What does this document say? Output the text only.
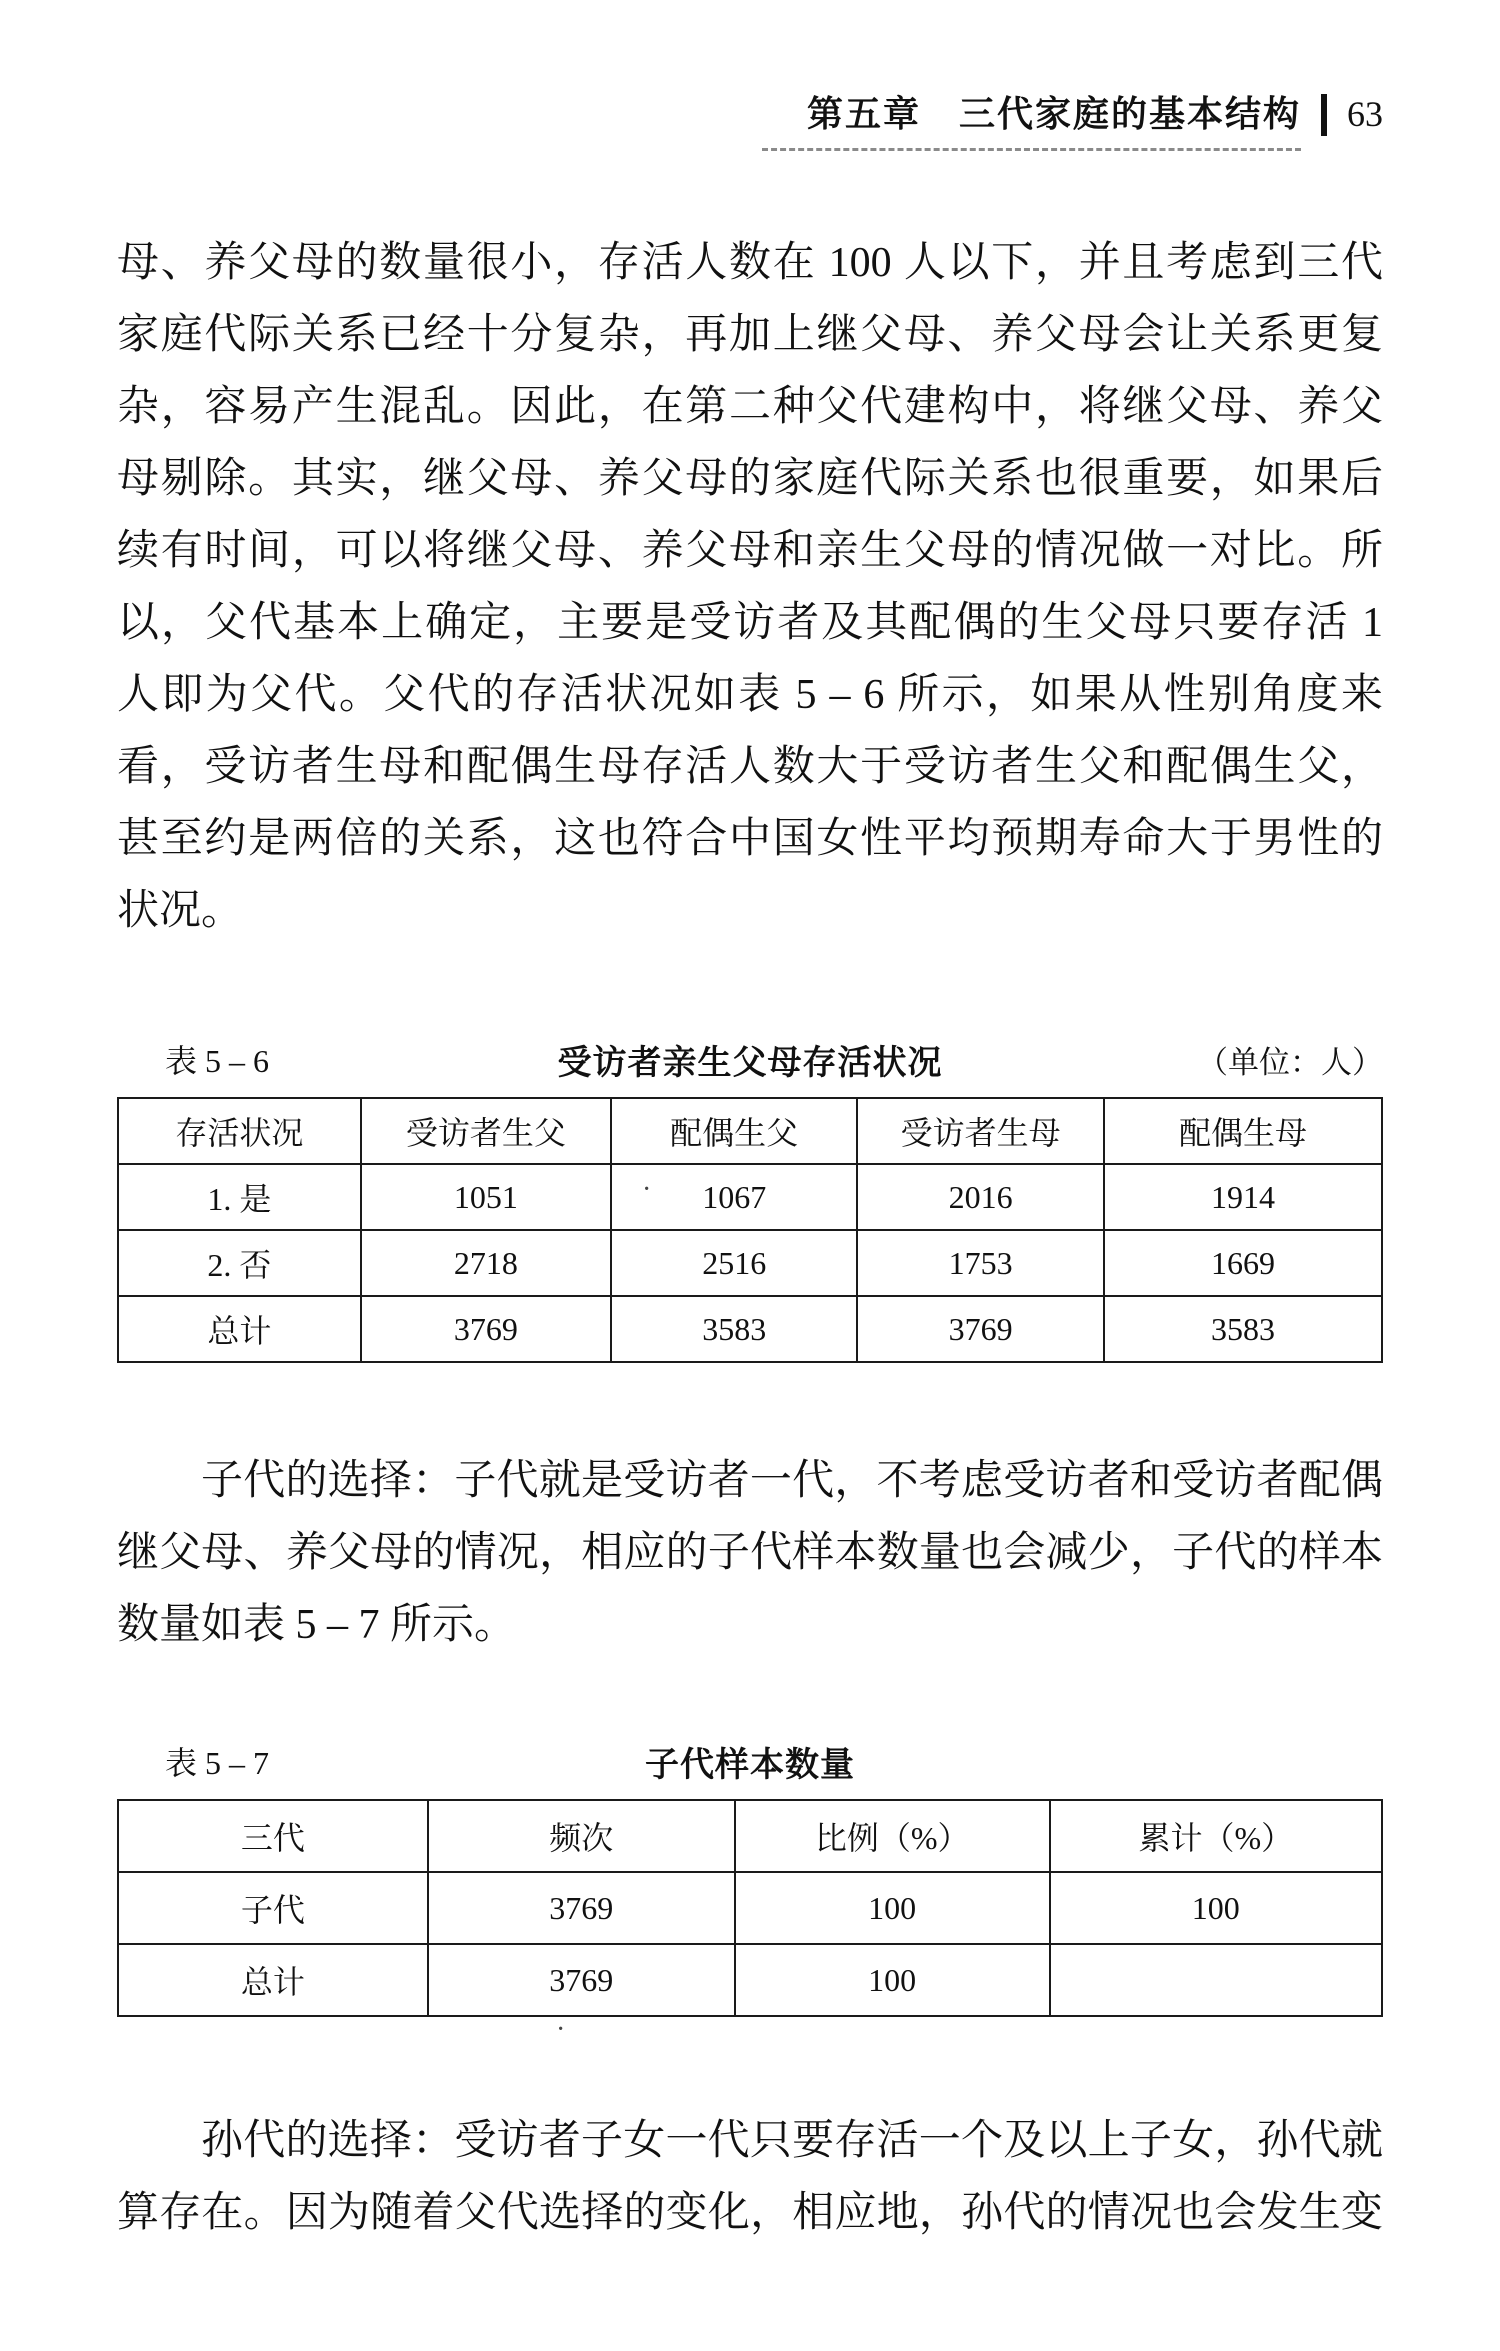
第五章　三代家庭的基本结构 63
母、养父母的数量很小，存活人数在 100 人以下，并且考虑到三代
家庭代际关系已经十分复杂，再加上继父母、养父母会让关系更复
杂，容易产生混乱。因此，在第二种父代建构中，将继父母、养父
母剔除。其实，继父母、养父母的家庭代际关系也很重要，如果后
续有时间，可以将继父母、养父母和亲生父母的情况做一对比。所
以，父代基本上确定，主要是受访者及其配偶的生父母只要存活 1
人即为父代。父代的存活状况如表 5 – 6 所示，如果从性别角度来
看，受访者生母和配偶生母存活人数大于受访者生父和配偶生父，
甚至约是两倍的关系，这也符合中国女性平均预期寿命大于男性的
状况。
表 5 – 6	受访者亲生父母存活状况	（单位：人）
存活状况	受访者生父	配偶生父	受访者生母	配偶生母
1. 是	1051	1067	2016	1914
2. 否	2718	2516	1753	1669
总计	3769	3583	3769	3583
子代的选择：子代就是受访者一代，不考虑受访者和受访者配偶
继父母、养父母的情况，相应的子代样本数量也会减少，子代的样本
数量如表 5 – 7 所示。
表 5 – 7	子代样本数量
三代	频次	比例（%）	累计（%）
子代	3769	100	100
总计	3769	100	
孙代的选择：受访者子女一代只要存活一个及以上子女，孙代就
算存在。因为随着父代选择的变化，相应地，孙代的情况也会发生变
·
·
